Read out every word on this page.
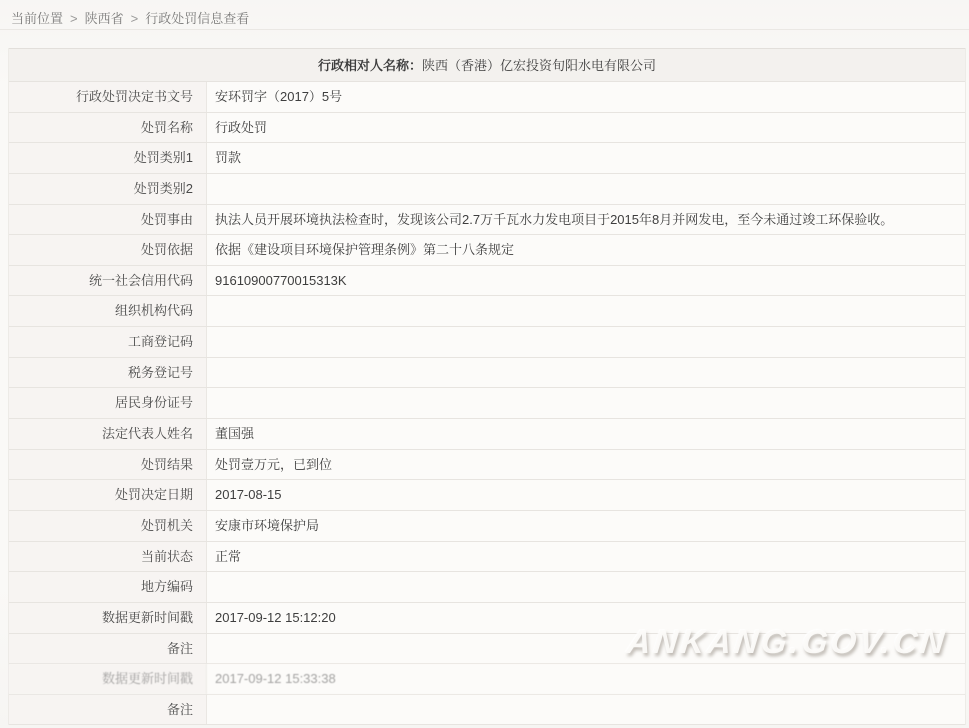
当前位置 > 陕西省 > 行政处罚信息查看
行政相对人名称：陕西（香港）亿宏投资旬阳水电有限公司
行政处罚决定书文号	安环罚字（2017）5号
处罚名称	行政处罚
处罚类别1	罚款
处罚类别2
处罚事由	执法人员开展环境执法检查时，发现该公司2.7万千瓦水力发电项目于2015年8月并网发电，至今未通过竣工环保验收。
处罚依据	依据《建设项目环境保护管理条例》第二十八条规定
统一社会信用代码	91610900770015313K
组织机构代码
工商登记码
税务登记号
居民身份证号
法定代表人姓名	董国强
处罚结果	处罚壹万元，已到位
处罚决定日期	2017-08-15
处罚机关	安康市环境保护局
当前状态	正常
地方编码
数据更新时间戳	2017-09-12 15:12:20
备注
数据更新时间戳	2017-09-12 15:33:38
备注
ANKANG.GOV.CN
